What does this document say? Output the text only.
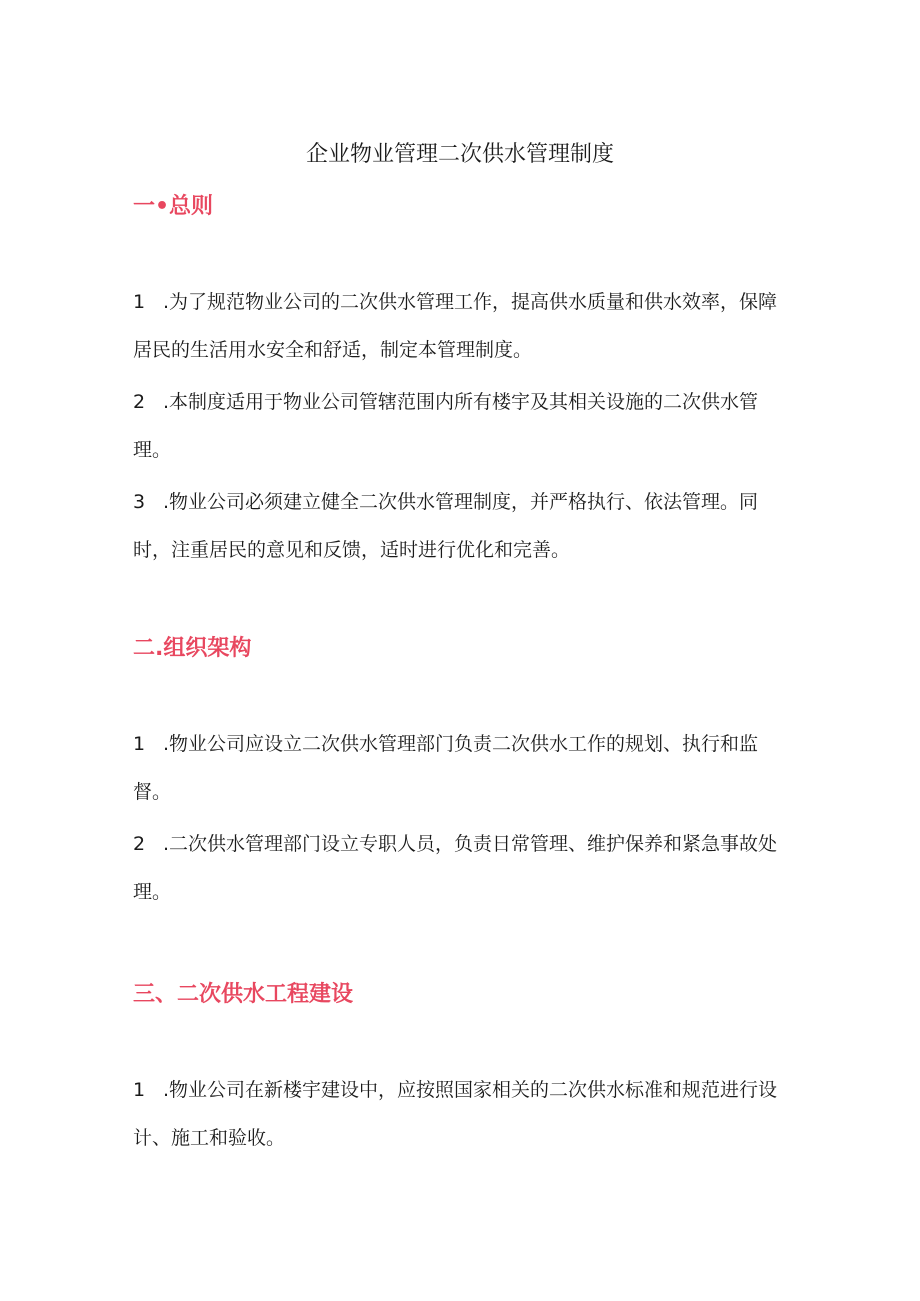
企业物业管理二次供水管理制度
一•总则
1 .为了规范物业公司的二次供水管理工作，提高供水质量和供水效率，保障居民的生活用水安全和舒适，制定本管理制度。
2 .本制度适用于物业公司管辖范围内所有楼宇及其相关设施的二次供水管理。
3 .物业公司必须建立健全二次供水管理制度，并严格执行、依法管理。同时，注重居民的意见和反馈，适时进行优化和完善。
二.组织架构
1 .物业公司应设立二次供水管理部门负责二次供水工作的规划、执行和监督。
2 .二次供水管理部门设立专职人员，负责日常管理、维护保养和紧急事故处理。
三、二次供水工程建设
1 .物业公司在新楼宇建设中，应按照国家相关的二次供水标准和规范进行设计、施工和验收。
